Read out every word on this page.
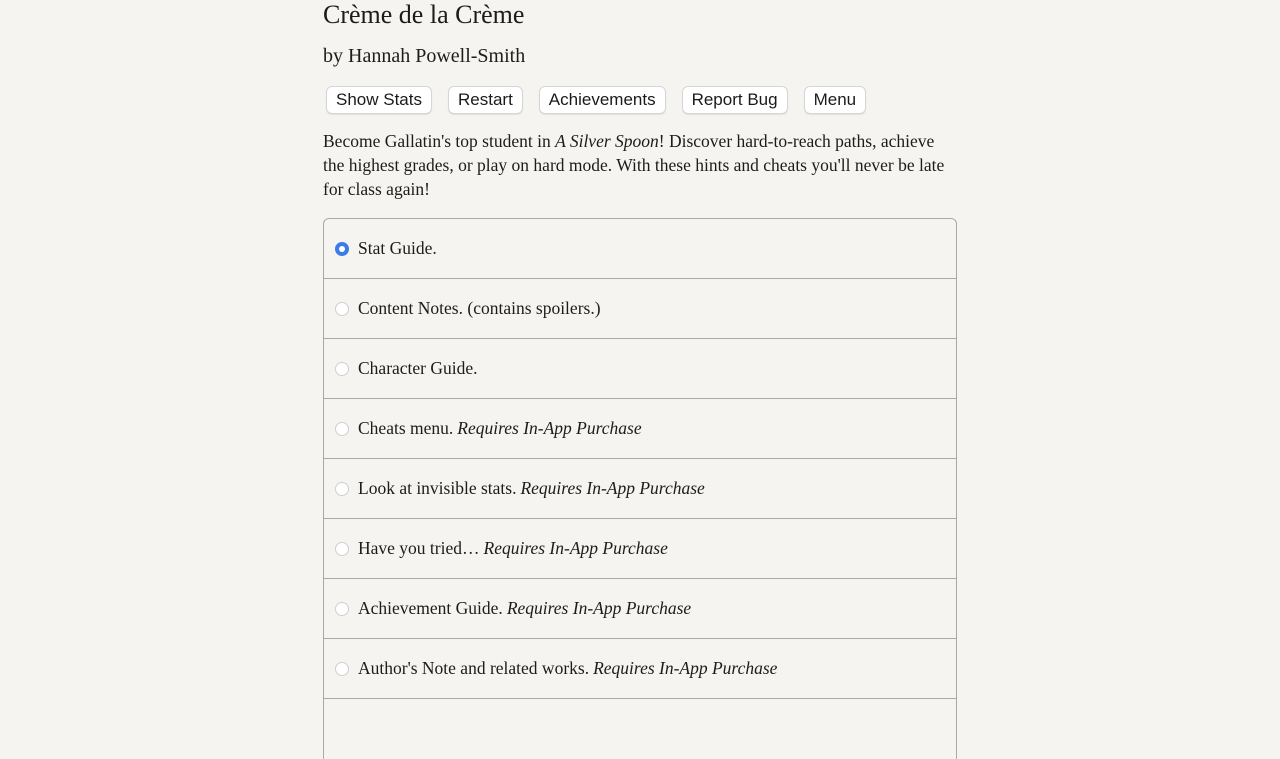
Crème de la Crème
by Hannah Powell-Smith
Show Stats	Restart	Achievements	Report Bug	Menu

Become Gallatin's top student in A Silver Spoon! Discover hard-to-reach paths, achieve the highest grades, or play on hard mode. With these hints and cheats you'll never be late for class again!

Stat Guide.
Content Notes. (contains spoilers.)
Character Guide.
Cheats menu. Requires In-App Purchase
Look at invisible stats. Requires In-App Purchase
Have you tried… Requires In-App Purchase
Achievement Guide. Requires In-App Purchase
Author's Note and related works. Requires In-App Purchase
